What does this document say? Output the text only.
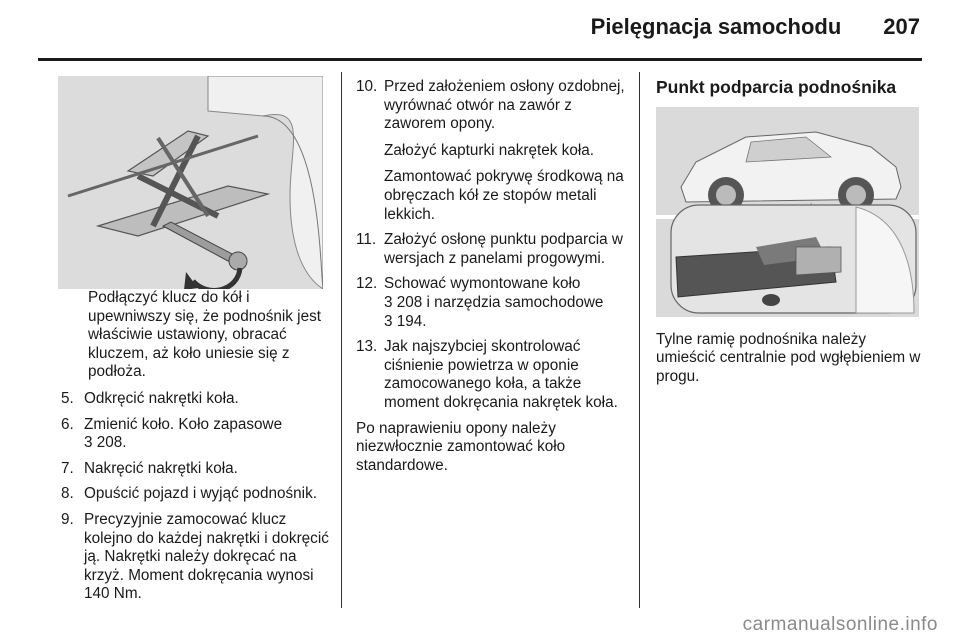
Pielęgnacja samochodu 207
Podłączyć klucz do kół i upewniwszy się, że podnośnik jest właściwie ustawiony, obracać kluczem, aż koło uniesie się z podłoża.
5. Odkręcić nakrętki koła.
6. Zmienić koło. Koło zapasowe
3 208.
7. Nakręcić nakrętki koła.
8. Opuścić pojazd i wyjąć podnośnik.
9. Precyzyjnie zamocować klucz kolejno do każdej nakrętki i dokręcić ją. Nakrętki należy dokręcać na krzyż. Moment dokręcania wynosi 140 Nm.
10. Przed założeniem osłony ozdobnej, wyrównać otwór na zawór z zaworem opony.
Założyć kapturki nakrętek koła.
Zamontować pokrywę środkową na obręczach kół ze stopów metali lekkich.
11. Założyć osłonę punktu podparcia w wersjach z panelami progowymi.
12. Schować wymontowane koło
3 208 i narzędzia samochodowe
3 194.
13. Jak najszybciej skontrolować ciśnienie powietrza w oponie zamocowanego koła, a także moment dokręcania nakrętek koła.
Po naprawieniu opony należy niezwłocznie zamontować koło standardowe.
Punkt podparcia podnośnika
Tylne ramię podnośnika należy umieścić centralnie pod wgłębieniem w progu.
carmanualsonline.info
